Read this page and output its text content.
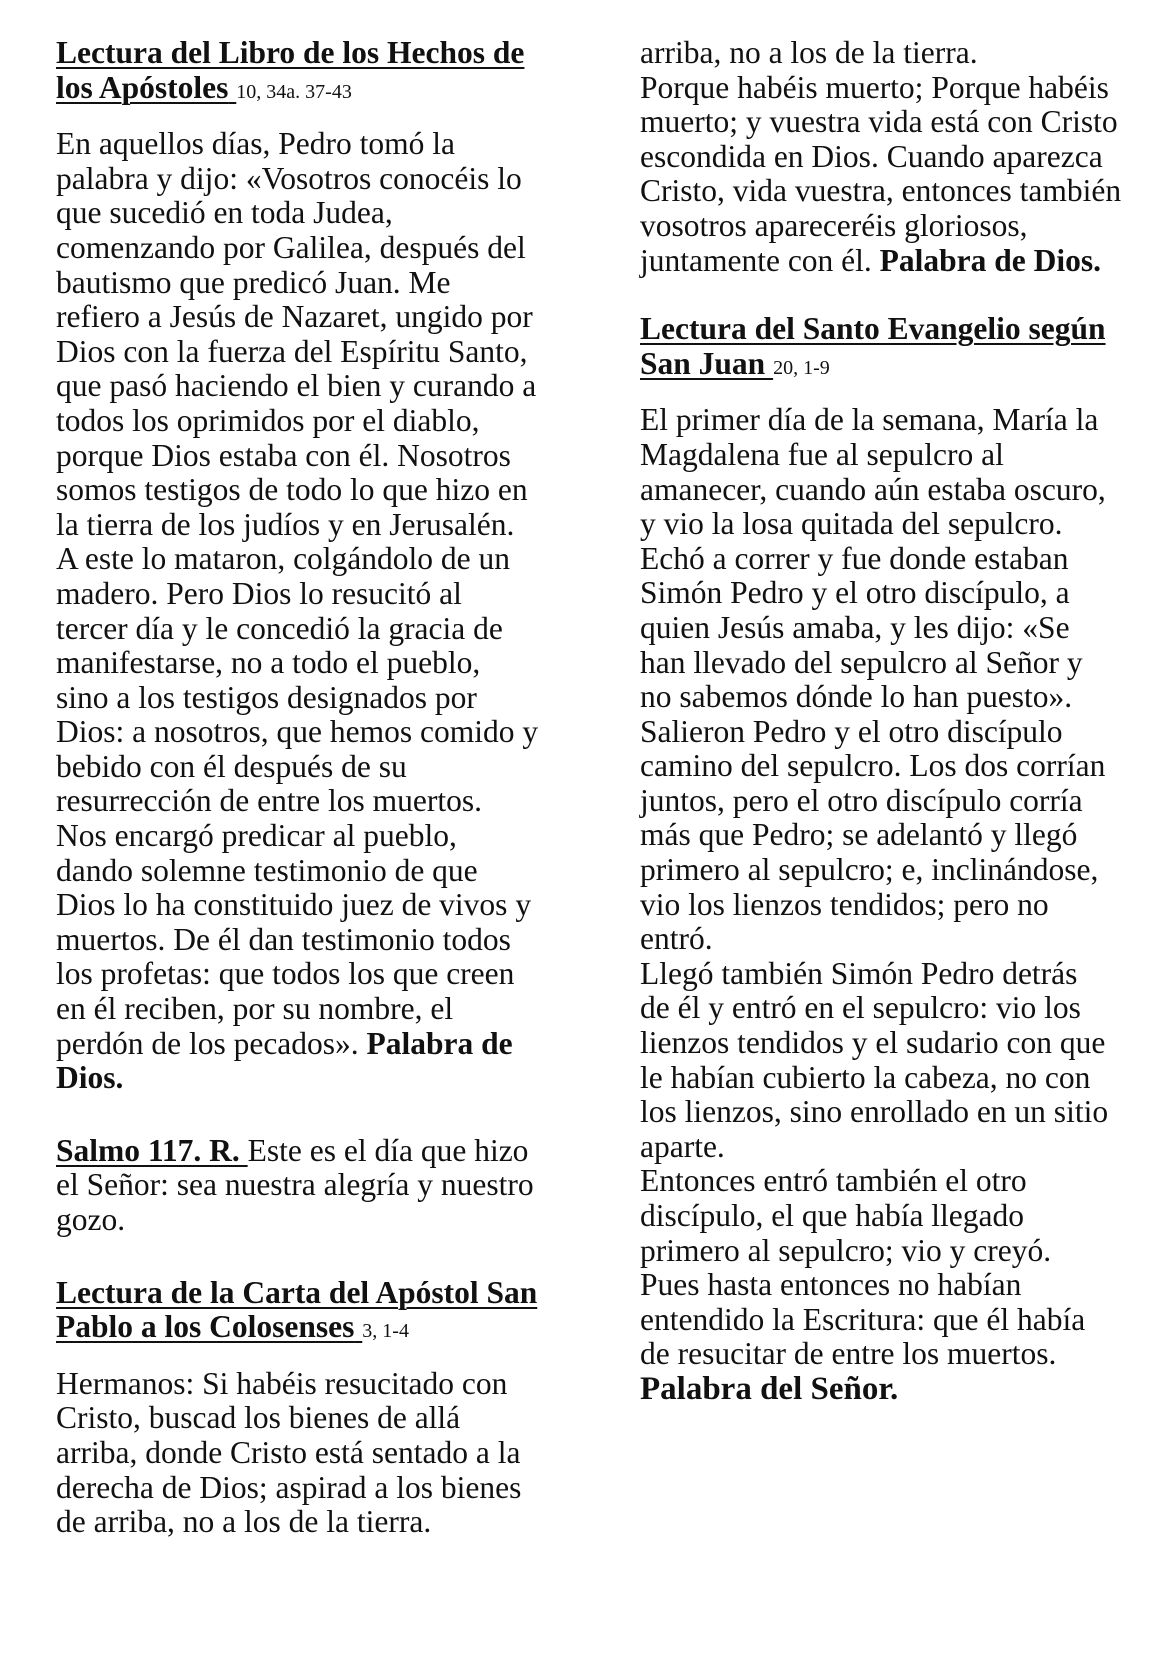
Lectura del Libro de los Hechos de
los Apóstoles 10, 34a. 37-43
En aquellos días, Pedro tomó la
palabra y dijo: «Vosotros conocéis lo
que sucedió en toda Judea,
comenzando por Galilea, después del
bautismo que predicó Juan. Me
refiero a Jesús de Nazaret, ungido por
Dios con la fuerza del Espíritu Santo,
que pasó haciendo el bien y curando a
todos los oprimidos por el diablo,
porque Dios estaba con él. Nosotros
somos testigos de todo lo que hizo en
la tierra de los judíos y en Jerusalén.
A este lo mataron, colgándolo de un
madero. Pero Dios lo resucitó al
tercer día y le concedió la gracia de
manifestarse, no a todo el pueblo,
sino a los testigos designados por
Dios: a nosotros, que hemos comido y
bebido con él después de su
resurrección de entre los muertos.
Nos encargó predicar al pueblo,
dando solemne testimonio de que
Dios lo ha constituido juez de vivos y
muertos. De él dan testimonio todos
los profetas: que todos los que creen
en él reciben, por su nombre, el
perdón de los pecados». Palabra de
Dios.
Salmo 117. R. Este es el día que hizo
el Señor: sea nuestra alegría y nuestro
gozo.
Lectura de la Carta del Apóstol San
Pablo a los Colosenses 3, 1-4
Hermanos: Si habéis resucitado con
Cristo, buscad los bienes de allá
arriba, donde Cristo está sentado a la
derecha de Dios; aspirad a los bienes
de arriba, no a los de la tierra.
arriba, no a los de la tierra.
Porque habéis muerto; Porque habéis
muerto; y vuestra vida está con Cristo
escondida en Dios. Cuando aparezca
Cristo, vida vuestra, entonces también
vosotros apareceréis gloriosos,
juntamente con él. Palabra de Dios.
Lectura del Santo Evangelio según
San Juan 20, 1-9
El primer día de la semana, María la
Magdalena fue al sepulcro al
amanecer, cuando aún estaba oscuro,
y vio la losa quitada del sepulcro.
Echó a correr y fue donde estaban
Simón Pedro y el otro discípulo, a
quien Jesús amaba, y les dijo: «Se
han llevado del sepulcro al Señor y
no sabemos dónde lo han puesto».
Salieron Pedro y el otro discípulo
camino del sepulcro. Los dos corrían
juntos, pero el otro discípulo corría
más que Pedro; se adelantó y llegó
primero al sepulcro; e, inclinándose,
vio los lienzos tendidos; pero no
entró.
Llegó también Simón Pedro detrás
de él y entró en el sepulcro: vio los
lienzos tendidos y el sudario con que
le habían cubierto la cabeza, no con
los lienzos, sino enrollado en un sitio
aparte.
Entonces entró también el otro
discípulo, el que había llegado
primero al sepulcro; vio y creyó.
Pues hasta entonces no habían
entendido la Escritura: que él había
de resucitar de entre los muertos.
Palabra del Señor.
